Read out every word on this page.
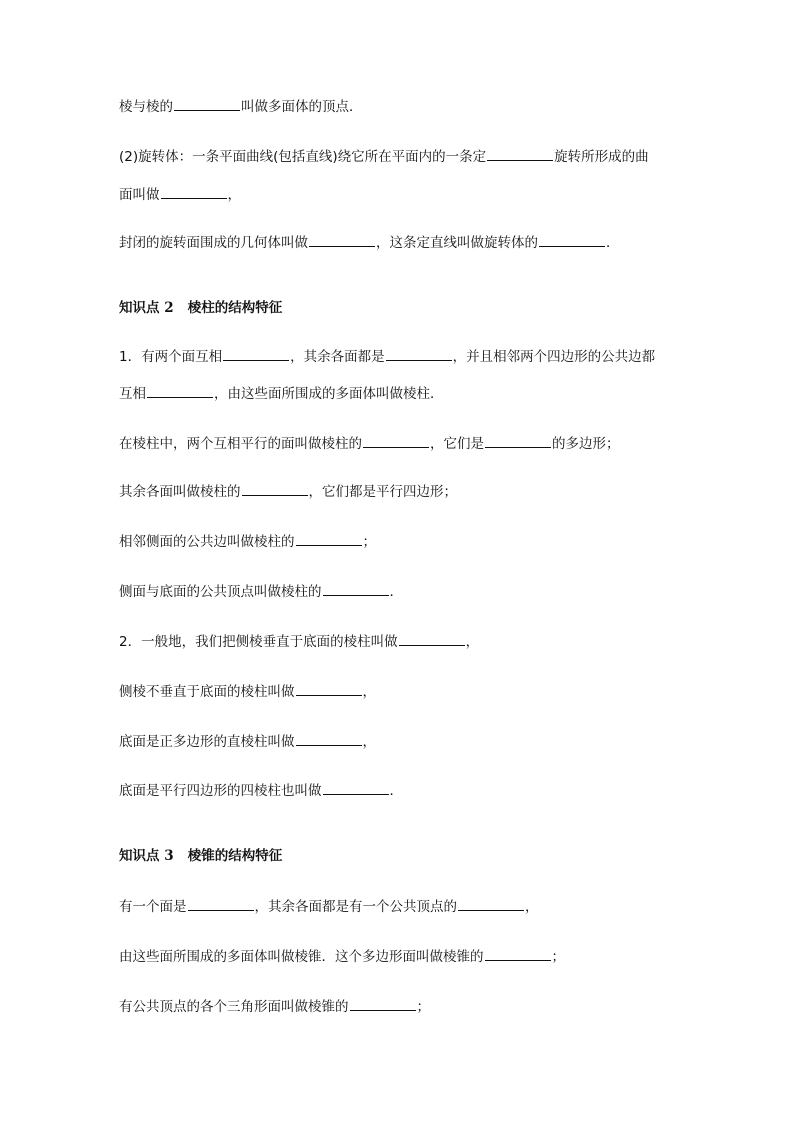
棱与棱的	叫做多面体的顶点．
(2)旋转体：一条平面曲线(包括直线)绕它所在平面内的一条定	旋转所形成的曲
面叫做	，
封闭的旋转面围成的几何体叫做	，这条定直线叫做旋转体的	．
知识点 2 棱柱的结构特征
1．有两个面互相	，其余各面都是	，并且相邻两个四边形的公共边都
互相	，由这些面所围成的多面体叫做棱柱．
在棱柱中，两个互相平行的面叫做棱柱的	，它们是	的多边形；
其余各面叫做棱柱的	，它们都是平行四边形；
相邻侧面的公共边叫做棱柱的	；
侧面与底面的公共顶点叫做棱柱的	．
2．一般地，我们把侧棱垂直于底面的棱柱叫做	，
侧棱不垂直于底面的棱柱叫做	，
底面是正多边形的直棱柱叫做	，
底面是平行四边形的四棱柱也叫做	．
知识点 3 棱锥的结构特征
有一个面是	，其余各面都是有一个公共顶点的	，
由这些面所围成的多面体叫做棱锥．这个多边形面叫做棱锥的	；
有公共顶点的各个三角形面叫做棱锥的	；
